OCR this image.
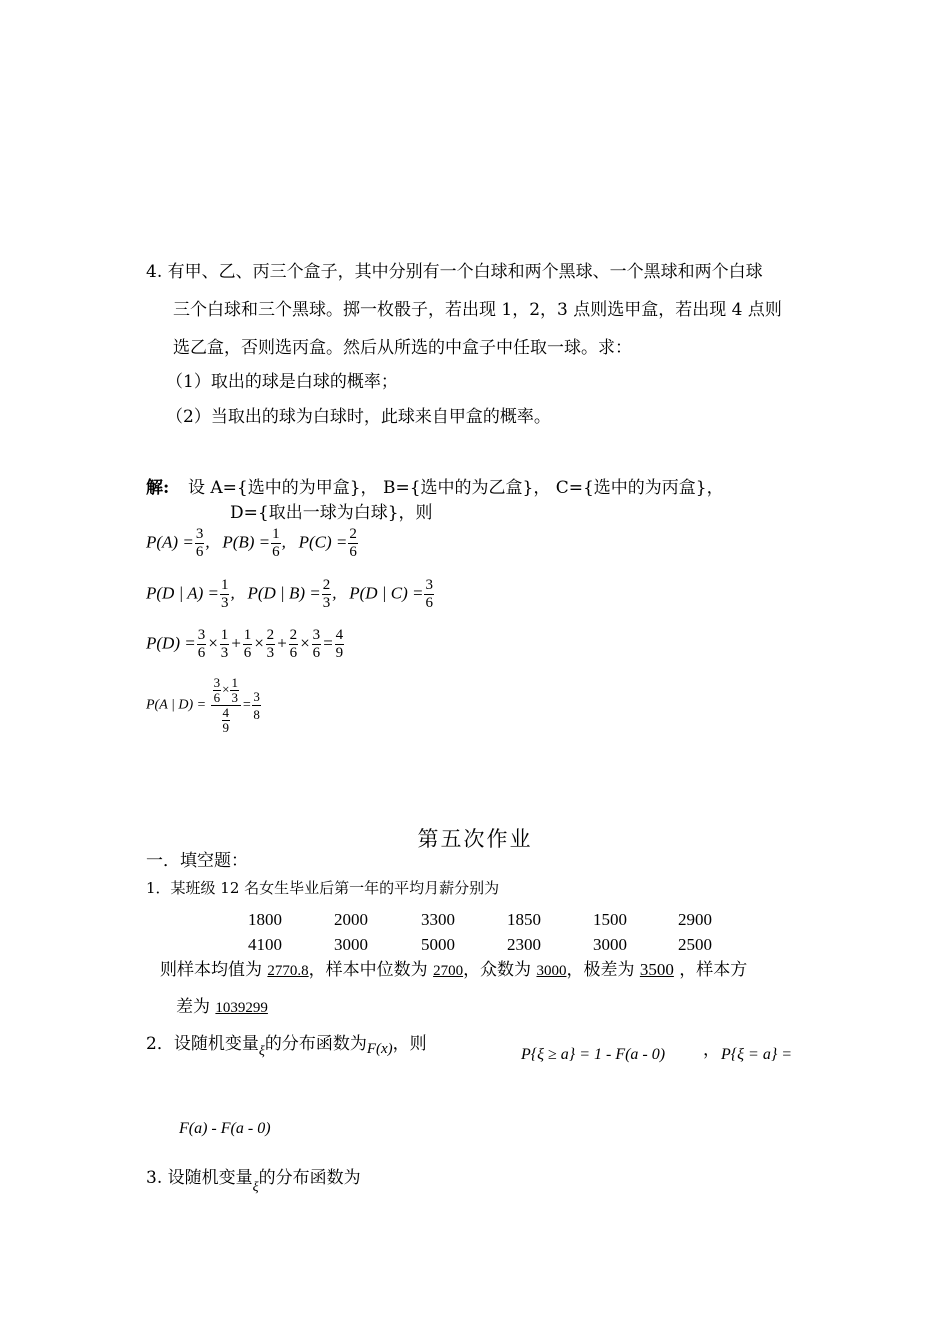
4. 有甲、乙、丙三个盒子，其中分别有一个白球和两个黑球、一个黑球和两个白球
三个白球和三个黑球。掷一枚骰子，若出现 1，2，3 点则选甲盒，若出现 4 点则
选乙盒，否则选丙盒。然后从所选的中盒子中任取一球。求：
（1）取出的球是白球的概率；
（2）当取出的球为白球时，此球来自甲盒的概率。
解: 设 A={选中的为甲盒}， B={选中的为乙盒}， C={选中的为丙盒}，
D={取出一球为白球}，则
$P(A) = \frac{3}{6}$ ,   $P(B) = \frac{1}{6}$ ,   $P(C) = \frac{2}{6}$
P(D | $A) = \frac{1}{3}$ ,   P(D | $B) = \frac{2}{3}$ ,   P(D | $C) = \frac{3}{6}$
$P(D) = \frac{3}{6} \times \frac{1}{3} + \frac{1}{6} \times \frac{2}{3} + \frac{2}{6} \times \frac{3}{6} = \frac{4}{9}$
P(A | $D) = \frac{\frac{3}{6} \times \frac{1}{3}}{\frac{4}{9}} = \frac{3}{8}$
第五次作业
一．填空题：
1．某班级 12 名女生毕业后第一年的平均月薪分别为
1800	2000	3300	1850	1500	2900
4100	3000	5000	2300	3000	2500
则样本均值为 2770.8，样本中位数为 2700，众数为 3000，极差为 3500 ，样本方
差为 1039299
2．设随机变量$_\xi$的分布函数为F(x)，则
P{ξ ≥ a} = 1 - F(a - 0) ， P{ξ = a} =
F(a) - F(a - 0)
3. 设随机变量$_\xi$的分布函数为
